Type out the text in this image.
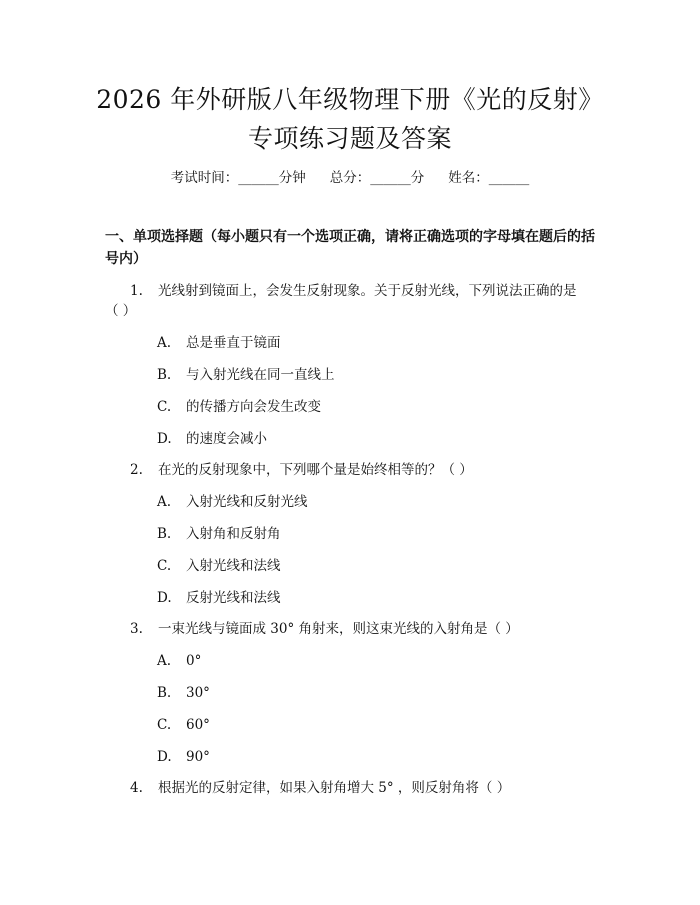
2026 年外研版八年级物理下册《光的反射》
专项练习题及答案
考试时间：______分钟 总分：______分 姓名：______
一、单项选择题（每小题只有一个选项正确，请将正确选项的字母填在题后的括
号内）
1.	光线射到镜面上，会发生反射现象。关于反射光线，下列说法正确的是
（ ）
A.	总是垂直于镜面
B.	与入射光线在同一直线上
C.	的传播方向会发生改变
D.	的速度会减小
2.	在光的反射现象中，下列哪个量是始终相等的？（ ）
A.	入射光线和反射光线
B.	入射角和反射角
C.	入射光线和法线
D.	反射光线和法线
3.	一束光线与镜面成 30° 角射来，则这束光线的入射角是（ ）
A.	0°
B.	30°
C.	60°
D.	90°
4.	根据光的反射定律，如果入射角增大 5° ，则反射角将（ ）
